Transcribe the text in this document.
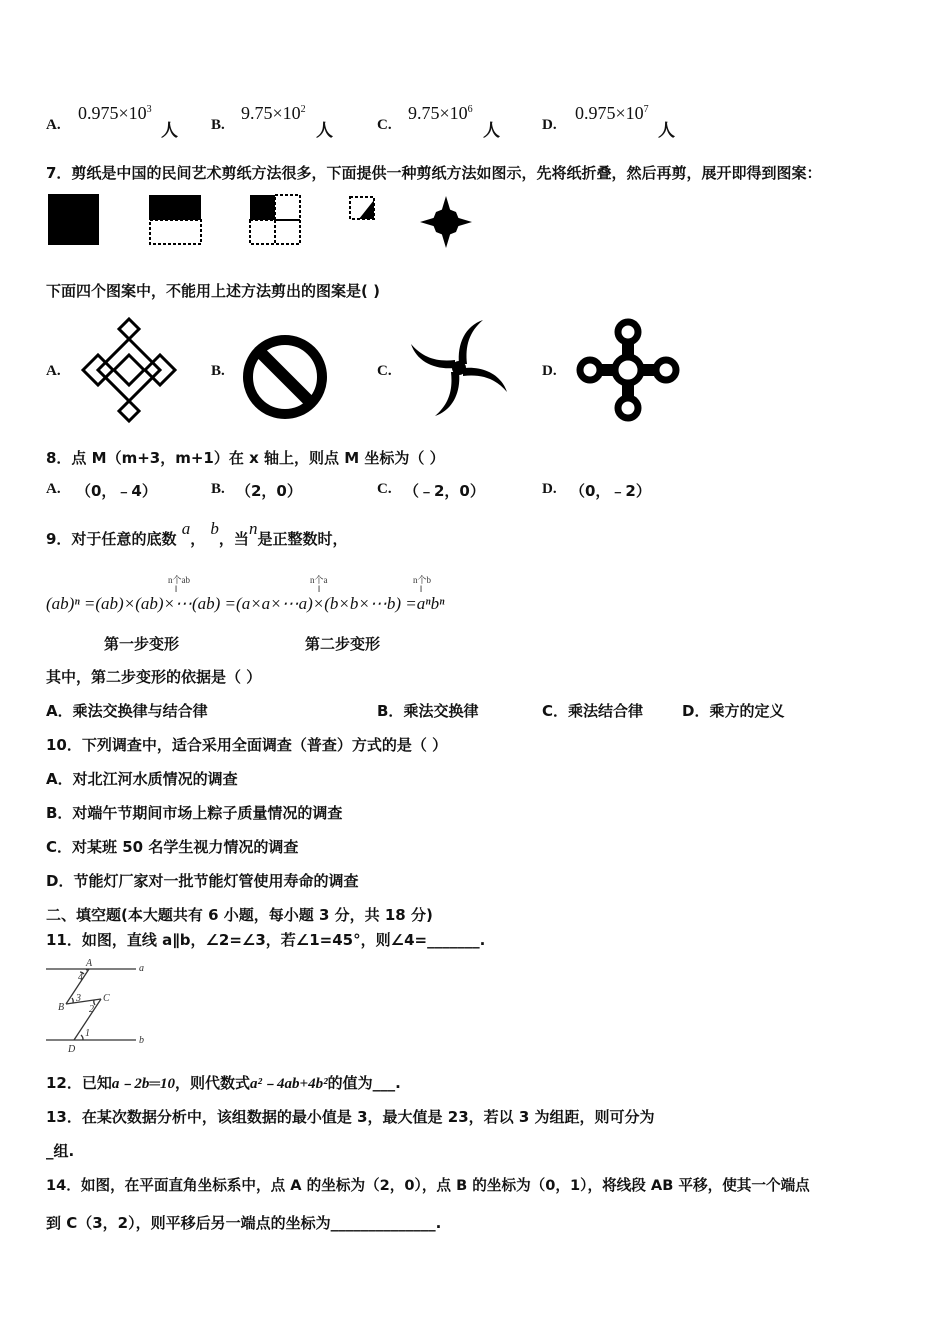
A.
$0.975\times 10^3$
人 B.
$9.75\times 10^2$
人	C.
$9.75\times 10^6$
人	D.
$0.975\times 10^7$
人
7．剪纸是中国的民间艺术剪纸方法很多，下面提供一种剪纸方法如图示，先将纸折叠，然后再剪，展开即得到图案：
下面四个图案中，不能用上述方法剪出的图案是( )
A.	B.	C.	D.
8．点 M（m+3，m+1）在 x 轴上，则点 M 坐标为（ ）
A. （0，﹣4）	B. （2，0）	C. （﹣2，0）	D. （0，﹣2）
9．对于任意的底数 a， b，当n是正整数时，
n个ab
‖
n个a
‖
n个b
‖
(ab)ⁿ =(ab)×(ab)×⋯(ab) =(a×a×⋯a)×(b×b×⋯b) =aⁿbⁿ
第一步变形	第二步变形
其中，第二步变形的依据是（ ）
A．乘法交换律与结合律	B．乘法交换律	C．乘法结合律	D．乘方的定义
10．下列调查中，适合采用全面调查（普查）方式的是（ ）
A．对北江河水质情况的调查
B．对端午节期间市场上粽子质量情况的调查
C．对某班 50 名学生视力情况的调查
D．节能灯厂家对一批节能灯管使用寿命的调查
二、填空题(本大题共有 6 小题，每小题 3 分，共 18 分)
11．如图，直线 a∥b，∠2=∠3，若∠1=45°，则∠4=_______.
A	a
4
B
3 C
2
1
D
b
12．已知a﹣2b═10，则代数式a²﹣4ab+4b²的值为___.
13．在某次数据分析中，该组数据的最小值是 3，最大值是 23，若以 3 为组距，则可分为
_组.
14．如图，在平面直角坐标系中，点 A 的坐标为（2，0），点 B 的坐标为（0，1），将线段 AB 平移，使其一个端点
到 C（3，2），则平移后另一端点的坐标为______________.
